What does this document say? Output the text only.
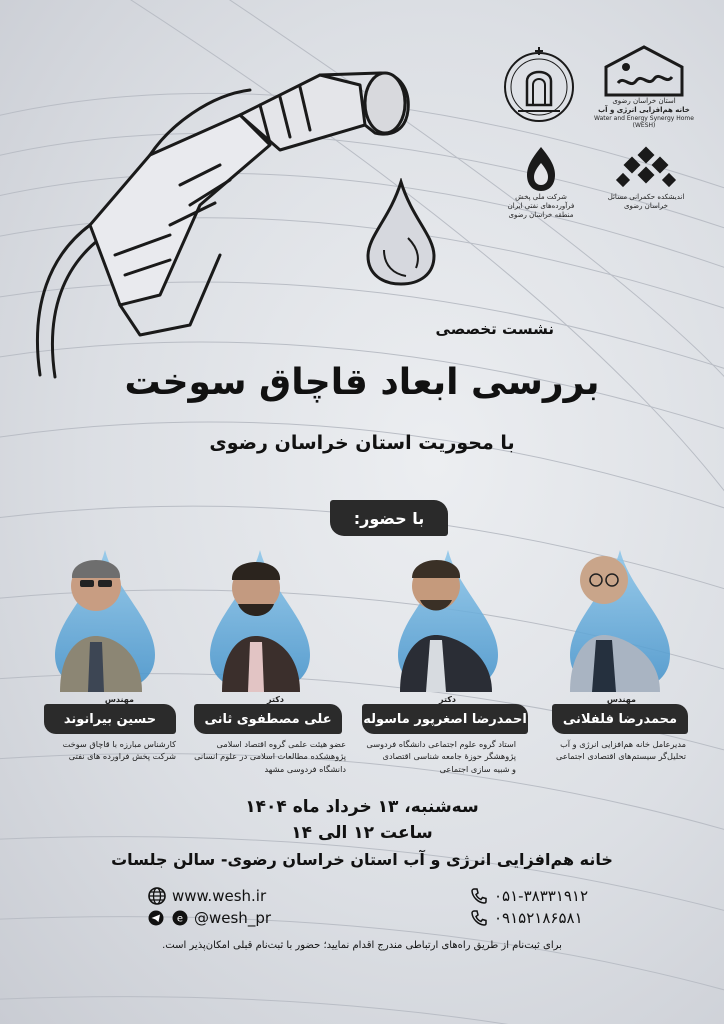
استان خراسان رضوی
خانه هم‌افزایی انرژی و آب
Water and Energy Synergy Home (WESH)
اندیشکده حکمرانی مسائل خراسان رضوی
شرکت ملی پخش فرآورده‌های نفتی ایران
منطقه خراسان رضوی
نشست تخصصی
بررسی ابعاد قاچاق سوخت
با محوریت استان خراسان رضوی
با حضور:
مهندس
محمدرضا فلفلانی
مدیرعامل خانه هم‌افزایی انرژی و آب
تحلیل‌گر سیستم‌های اقتصادی اجتماعی
دکتر
احمدرضا اصغرپور ماسوله
استاد گروه علوم اجتماعی دانشگاه فردوسی
پژوهشگر حوزهٔ جامعه شناسی اقتصادی
و شبیه سازی اجتماعی
دکتر
علی مصطفوی ثانی
عضو هیئت علمی گروه اقتصاد اسلامی
پژوهشکده مطالعات اسلامی در علوم انسانی
دانشگاه فردوسی مشهد
مهندس
حسین بیرانوند
کارشناس مبارزه با قاچاق سوخت
شرکت پخش فراورده های نفتی
سه‌شنبه، ۱۳ خرداد ماه ۱۴۰۴
ساعت ۱۲ الی ۱۴
خانه هم‌افزایی انرژی و آب استان خراسان رضوی- سالن جلسات
www.wesh.ir
e @wesh_pr
۰۵۱-۳۸۳۳۱۹۱۲
۰۹۱۵۲۱۸۶۵۸۱
برای ثبت‌نام از طریق راه‌های ارتباطی مندرج اقدام نمایید؛ حضور با ثبت‌نام قبلی امکان‌پذیر است.
